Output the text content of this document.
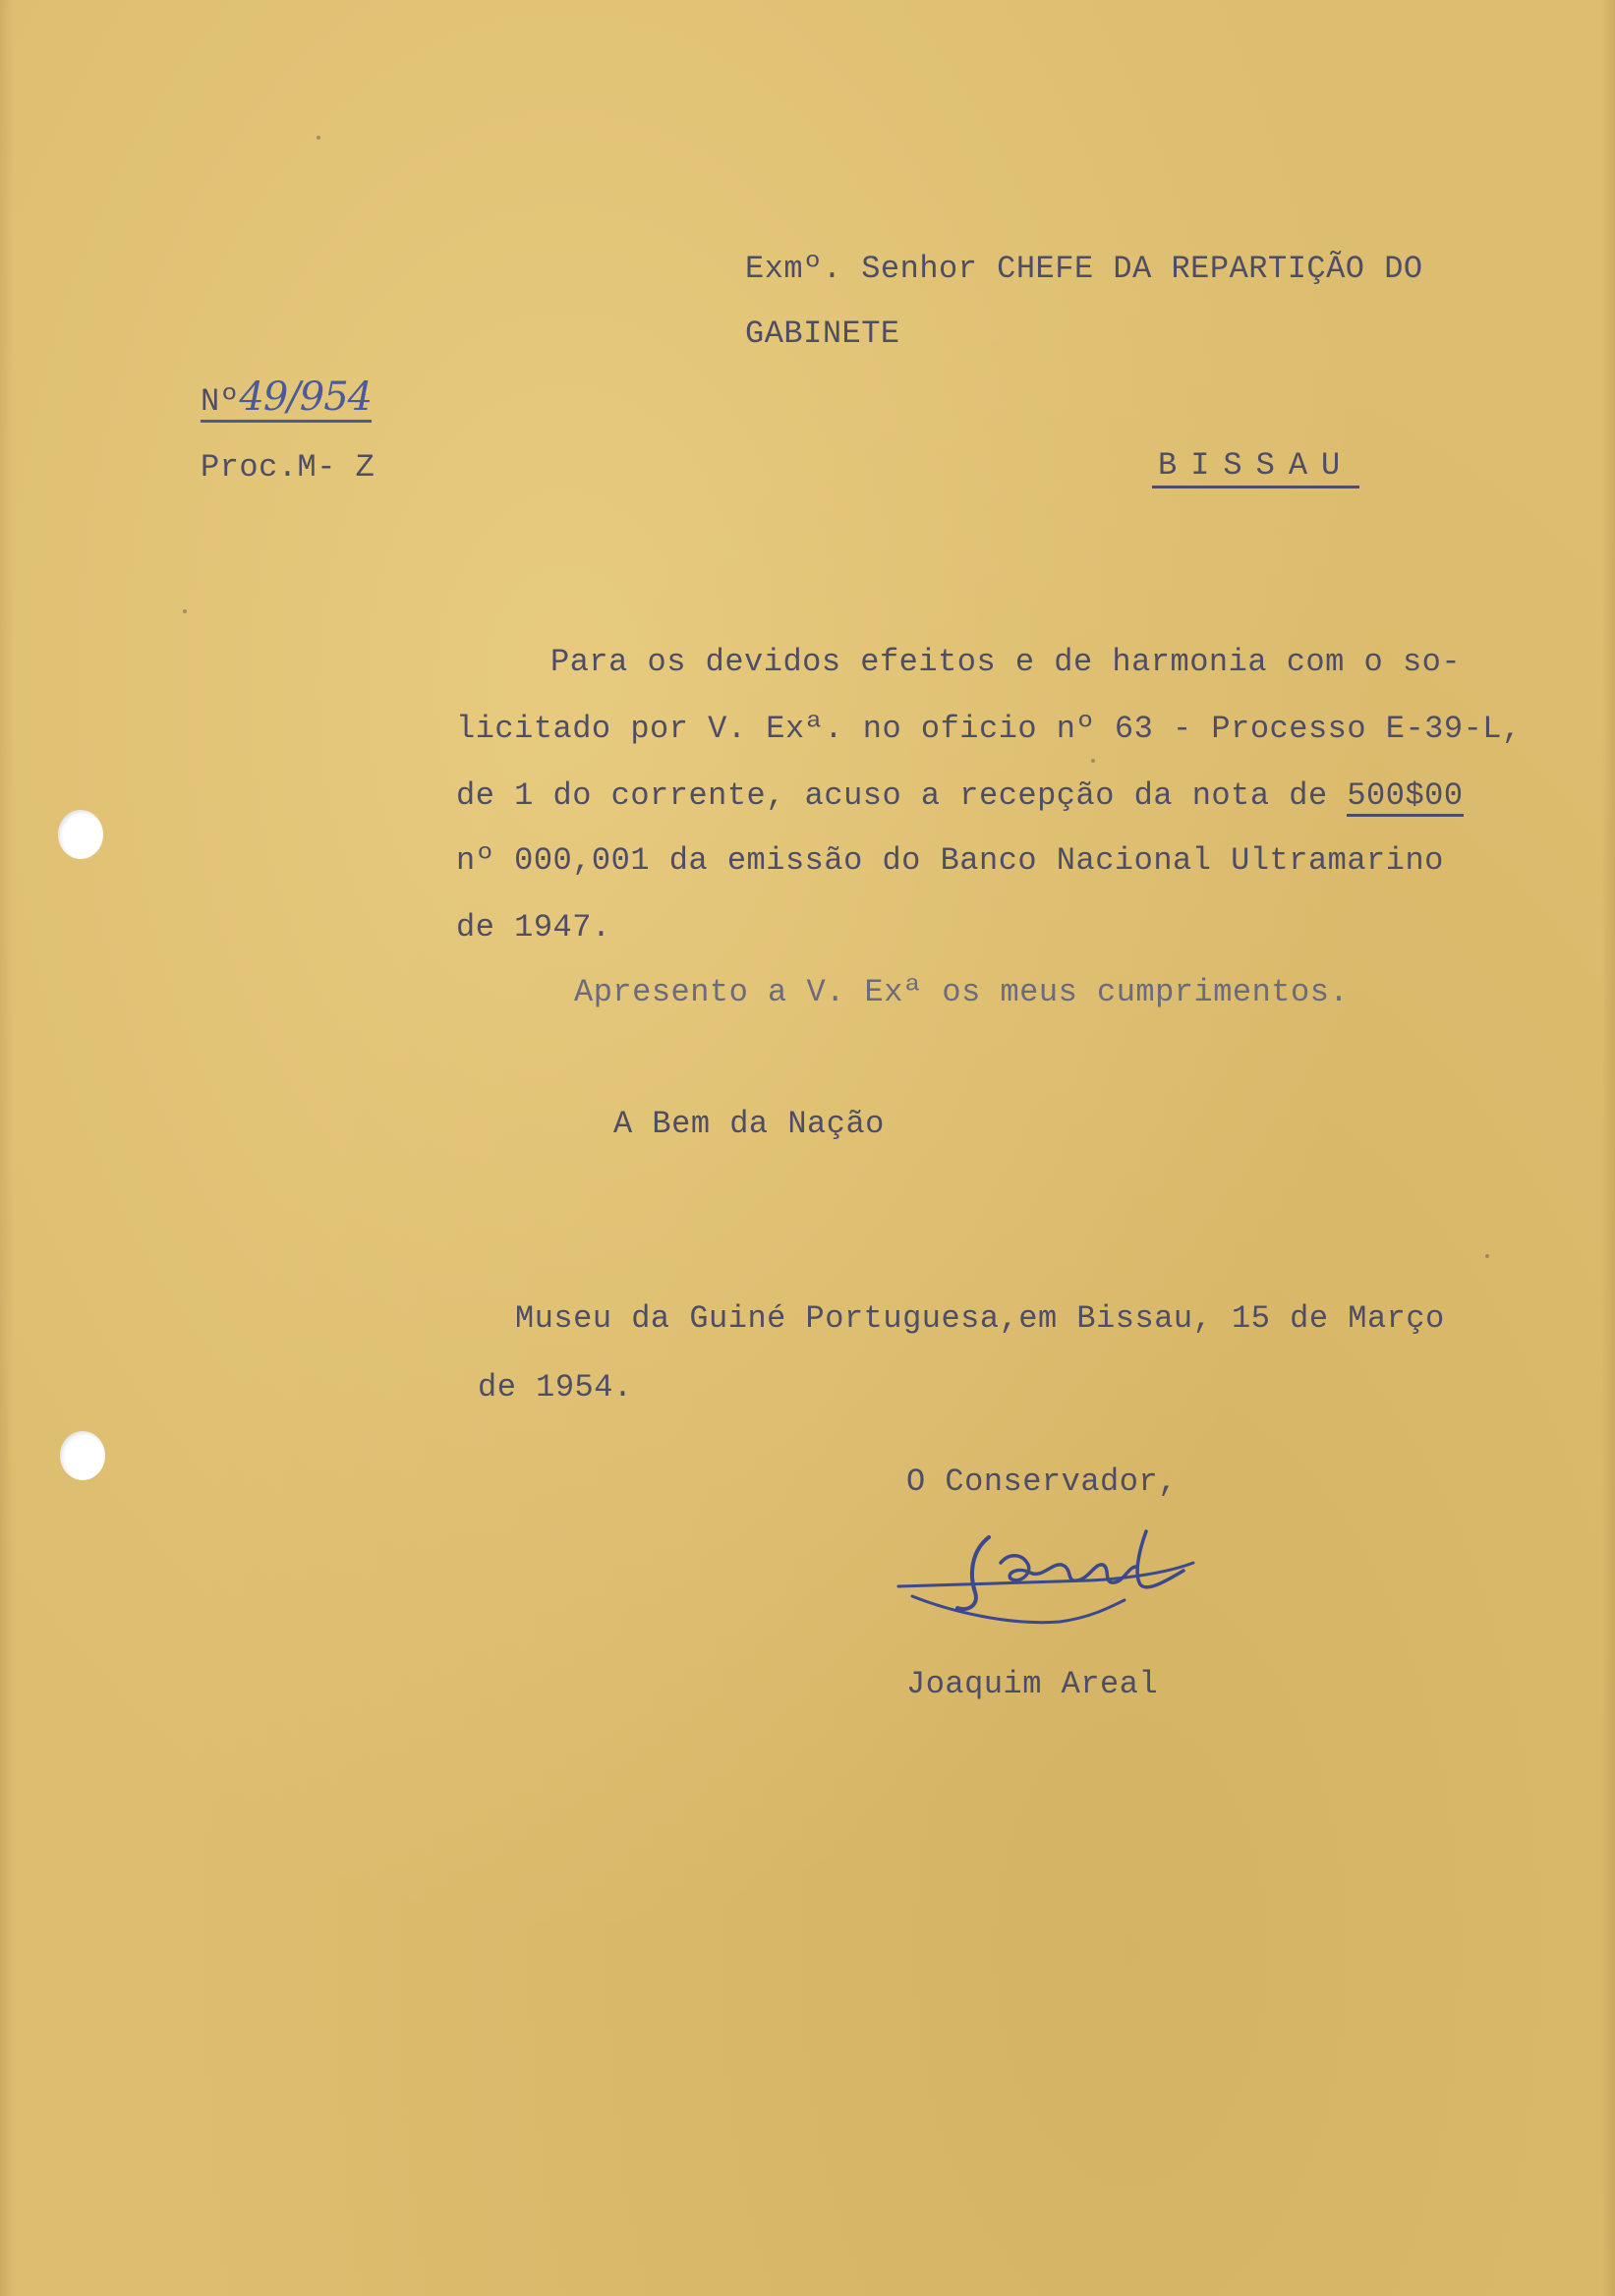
Exmº. Senhor CHEFE DA REPARTIÇÃO DO
GABINETE
BISSAU
Nº49/954
Proc.M- Z
Para os devidos efeitos e de harmonia com o so-
licitado por V. Exª. no oficio nº 63 - Processo E-39-L,
de 1 do corrente, acuso a recepção da nota de 500$00
nº 000,001 da emissão do Banco Nacional Ultramarino
de 1947.
Apresento a V. Exª os meus cumprimentos.
A Bem da Nação
Museu da Guiné Portuguesa,em Bissau, 15 de Março
de 1954.
O Conservador,
Joaquim Areal
